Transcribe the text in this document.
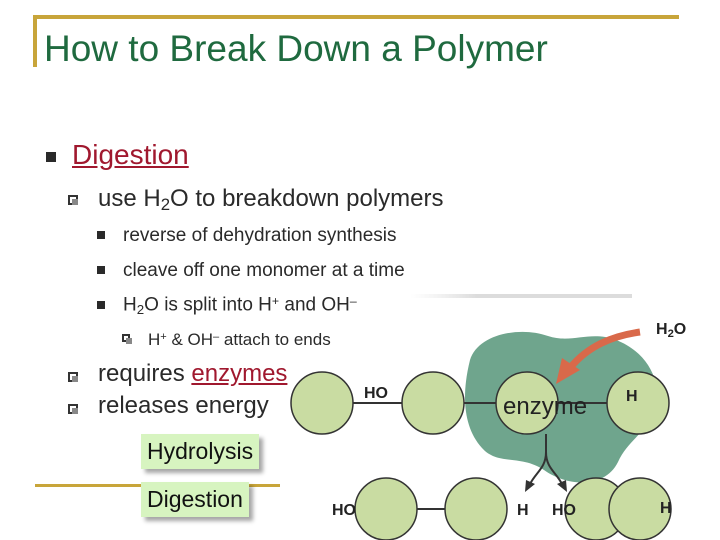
How to Break Down a Polymer
Digestion
use $H_2O$ to breakdown polymers
reverse of dehydration synthesis
cleave off one monomer at a time
$H_2O$ is split into H+ and OH–
H+ & OH– attach to ends
requires enzymes
releases energy
Hydrolysis
Digestion
$H_2O$
HO	H
enzyme
HO	H HO	H
